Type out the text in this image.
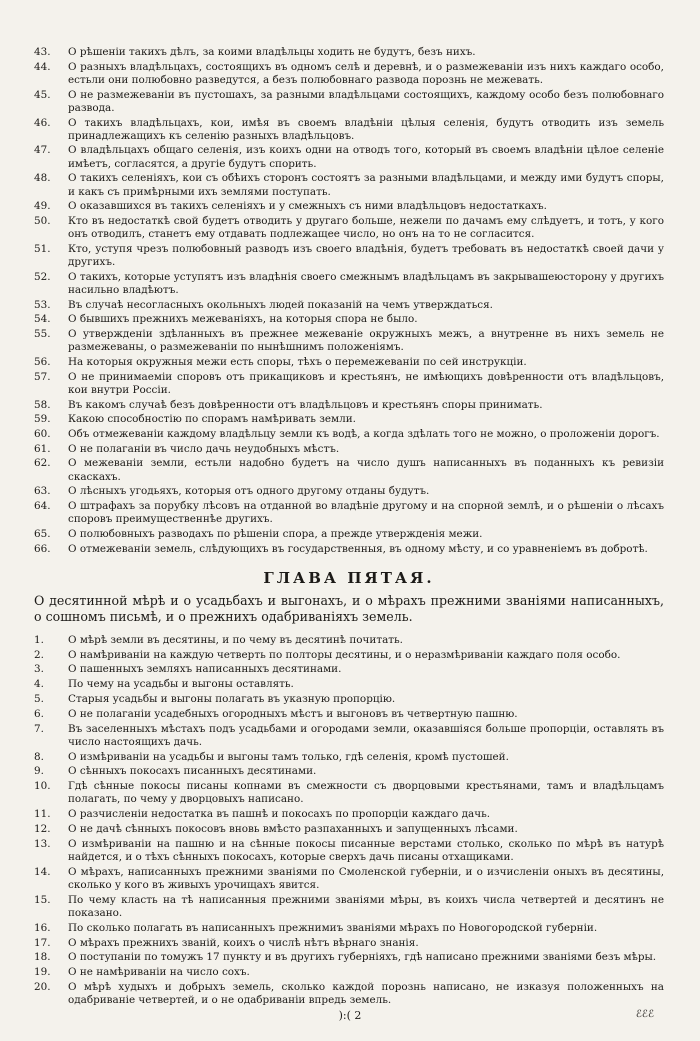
43.	О рѣшенiи такихъ дѣлъ, за коими владѣльцы ходить не будутъ, безъ нихъ.
44.	О разныхъ владѣльцахъ, состоящихъ въ одномъ селѣ и деревнѣ, и о размежеванiи изъ нихъ каждаго особо, естьли они полюбовно разведутся, а безъ полюбовнаго развода порознь не межевать.
45.	О не размежеванiи въ пустошахъ, за разными владѣльцами состоящихъ, каждому особо безъ полюбовнаго развода.
46.	О такихъ владѣльцахъ, кои, имѣя въ своемъ владѣнiи цѣлыя селенiя, будутъ отводить изъ земель принадлежащихъ къ селенiю разныхъ владѣльцовъ.
47.	О владѣльцахъ общаго селенiя, изъ коихъ одни на отводъ того, который въ своемъ владѣнiи цѣлое селенiе имѣетъ, согласятся, а другiе будутъ спорить.
48.	О такихъ селенiяхъ, кои съ обѣихъ сторонъ состоятъ за разными владѣльцами, и между ими будутъ споры, и какъ съ примѣрными ихъ землями поступать.
49.	О оказавшихся въ такихъ селенiяхъ и у смежныхъ съ ними владѣльцовъ недостаткахъ.
50.	Кто въ недостаткѣ свой будетъ отводить у другаго больше, нежели по дачамъ ему слѣдуетъ, и тотъ, у кого онъ отводилъ, станетъ ему отдавать подлежащее число, но онъ на то не согласится.
51.	Кто, уступя чрезъ полюбовный разводъ изъ своего владѣнiя, будетъ требовать въ недостаткѣ своей дачи у другихъ.
52.	О такихъ, которые уступятъ изъ владѣнiя своего смежнымъ владѣльцамъ въ закрывашеюсторону у другихъ насильно владѣютъ.
53.	Въ случаѣ несогласныхъ окольныхъ людей показанiй на чемъ утверждаться.
54.	О бывшихъ прежнихъ межеванiяхъ, на которыя спора не было.
55.	О утвержденiи здѣланныхъ въ прежнее межеванiе окружныхъ межъ, а внутренне въ нихъ земель не размежеваны, о размежеванiи по нынѣшнимъ положенiямъ.
56.	На которыя окружныя межи есть споры, тѣхъ о перемежеванiи по сей инструкцiи.
57.	О не принимаемiи споровъ отъ прикащиковъ и крестьянъ, не имѣющихъ довѣренности отъ владѣльцовъ, кои внутри Россiи.
58.	Въ какомъ случаѣ безъ довѣренности отъ владѣльцовъ и крестьянъ споры принимать.
59.	Какою способностiю по спорамъ намѣривать земли.
60.	Объ отмежеванiи каждому владѣльцу земли къ водѣ, а когда здѣлать того не можно, о проложенiи дорогъ.
61.	О не полаганiи въ число дачь неудобныхъ мѣстъ.
62.	О межеванiи земли, естьли надобно будетъ на число душъ написанныхъ въ поданныхъ къ ревизiи скаскахъ.
63.	О лѣсныхъ угодьяхъ, которыя отъ одного другому отданы будутъ.
64.	О штрафахъ за порубку лѣсовъ на отданной во владѣнiе другому и на спорной землѣ, и о рѣшенiи о лѣсахъ споровъ преимущественнѣе другихъ.
65.	О полюбовныхъ разводахъ по рѣшенiи спора, а прежде утвержденiя межи.
66.	О отмежеванiи земель, слѣдующихъ въ государственныя, въ одному мѣсту, и со уравненiемъ въ добротѣ.
ГЛАВА ПЯТАЯ.
О десятинной мѣрѣ и о усадьбахъ и выгонахъ, и о мѣрахъ прежними званiями написанныхъ, о сошномъ письмѣ, и о прежнихъ одабриванiяхъ земель.
1.	О мѣрѣ земли въ десятины, и по чему въ десятинѣ почитать.
2.	О намѣриванiи на каждую четверть по полторы десятины, и о неразмѣриванiи каждаго поля особо.
3.	О пашенныхъ земляхъ написанныхъ десятинами.
4.	По чему на усадьбы и выгоны оставлять.
5.	Старыя усадьбы и выгоны полагать въ указную пропорцiю.
6.	О не полаганiи усадебныхъ огородныхъ мѣстъ и выгоновъ въ четвертную пашню.
7.	Въ заселенныхъ мѣстахъ подъ усадьбами и огородами земли, оказавшiяся больше пропорцiи, оставлять въ число настоящихъ дачь.
8.	О измѣриванiи на усадьбы и выгоны тамъ только, гдѣ селенiя, кромѣ пустошей.
9.	О сѣнныхъ покосахъ писанныхъ десятинами.
10.	Гдѣ сѣнные покосы писаны копнами въ смежности съ дворцовыми крестьянами, тамъ и владѣльцамъ полагать, по чему у дворцовыхъ написано.
11.	О разчисленiи недостатка въ пашнѣ и покосахъ по пропорцiи каждаго дачь.
12.	О не дачѣ сѣнныхъ покосовъ вновь вмѣсто разпаханныхъ и запущенныхъ лѣсами.
13.	О измѣриванiи на пашню и на сѣнные покосы писанные верстами столько, сколько по мѣрѣ въ натурѣ найдется, и о тѣхъ сѣнныхъ покосахъ, которые сверхъ дачь писаны отхащиками.
14.	О мѣрахъ, написанныхъ прежними званiями по Смоленской губернiи, и о изчисленiи оныхъ въ десятины, сколько у кого въ живыхъ урочищахъ явится.
15.	По чему класть на тѣ написанныя прежними званiями мѣры, въ коихъ числа четвертей и десятинъ не показано.
16.	По сколько полагать въ написанныхъ прежнимиъ званiями мѣрахъ по Новогородской губернiи.
17.	О мѣрахъ прежнихъ званiй, коихъ о числѣ нѣтъ вѣрнаго знанiя.
18.	О поступанiи по томужъ 17 пункту и въ другихъ губернiяхъ, гдѣ написано прежними званiями безъ мѣры.
19.	О не намѣриванiи на число сохъ.
20.	О мѣрѣ худыхъ и добрыхъ земель, сколько каждой порознь написано, не изказуя положенныхъ на одабриванiе четвертей, и о не одабриванiи впредь земель.
):( 2	ℰℰℰ
